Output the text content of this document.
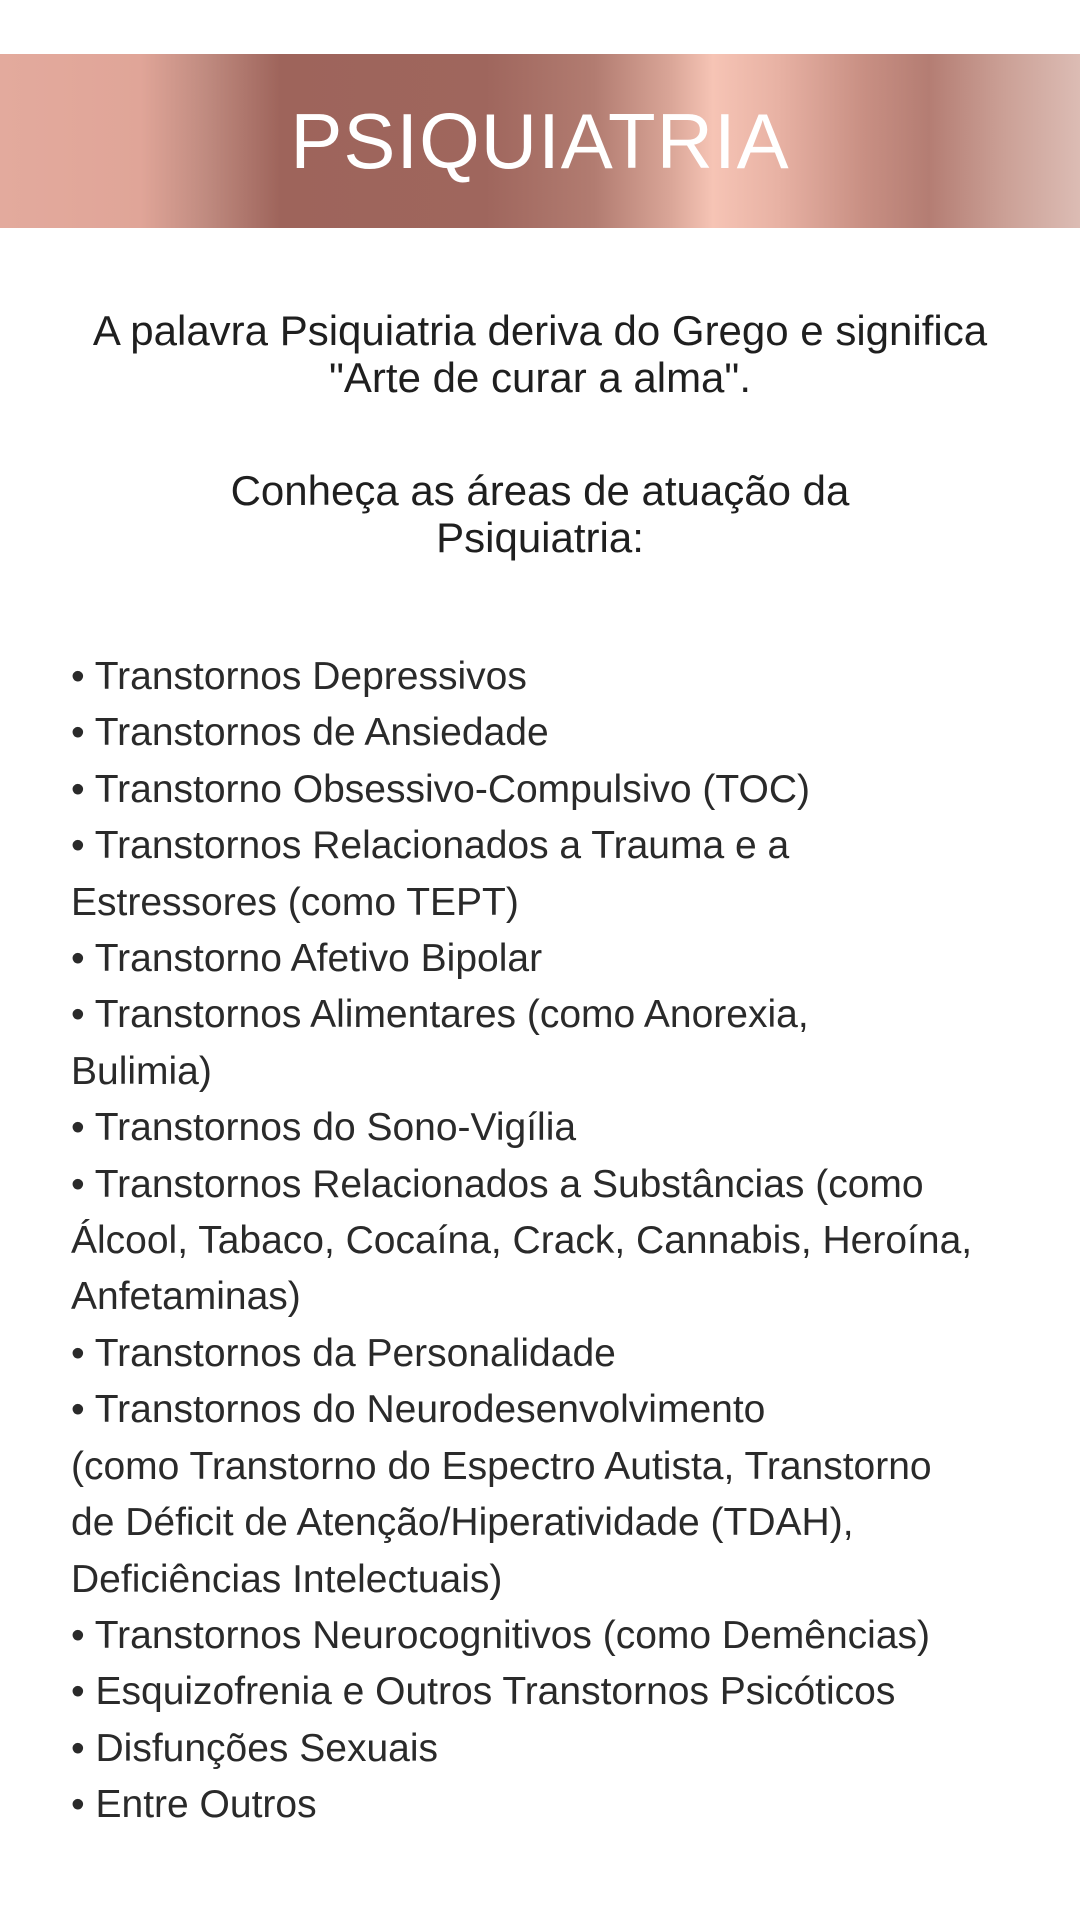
PSIQUIATRIA
A palavra Psiquiatria deriva do Grego e significa
"Arte de curar a alma".
Conheça as áreas de atuação da
Psiquiatria:
• Transtornos Depressivos
• Transtornos de Ansiedade
• Transtorno Obsessivo-Compulsivo (TOC)
• Transtornos Relacionados a Trauma e a
Estressores (como TEPT)
• Transtorno Afetivo Bipolar
• Transtornos Alimentares (como Anorexia,
Bulimia)
• Transtornos do Sono-Vigília
• Transtornos Relacionados a Substâncias (como
Álcool, Tabaco, Cocaína, Crack, Cannabis, Heroína,
Anfetaminas)
• Transtornos da Personalidade
• Transtornos do Neurodesenvolvimento
(como Transtorno do Espectro Autista, Transtorno
de Déficit de Atenção/Hiperatividade (TDAH),
Deficiências Intelectuais)
• Transtornos Neurocognitivos (como Demências)
• Esquizofrenia e Outros Transtornos Psicóticos
• Disfunções Sexuais
• Entre Outros
